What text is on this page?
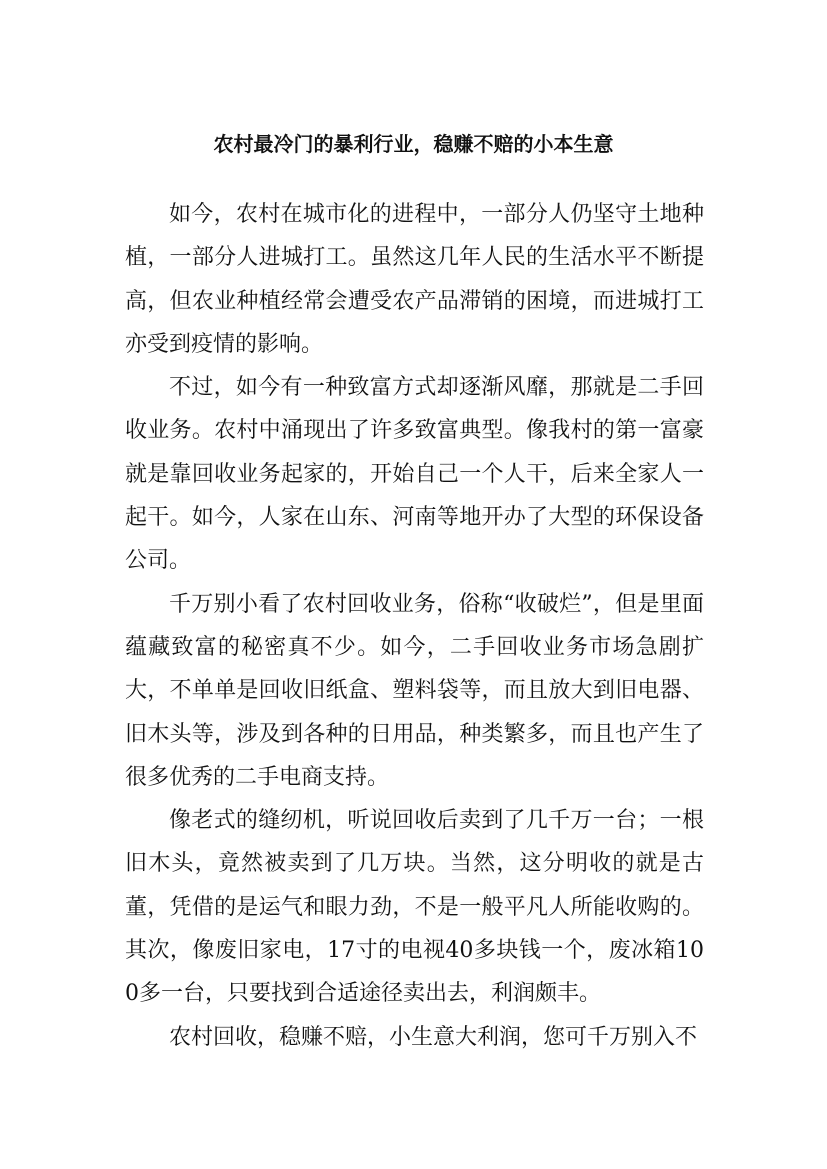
农村最冷门的暴利行业，稳赚不赔的小本生意

如今，农村在城市化的进程中，一部分人仍坚守土地种植，一部分人进城打工。虽然这几年人民的生活水平不断提高，但农业种植经常会遭受农产品滞销的困境，而进城打工亦受到疫情的影响。

不过，如今有一种致富方式却逐渐风靡，那就是二手回收业务。农村中涌现出了许多致富典型。像我村的第一富豪就是靠回收业务起家的，开始自己一个人干，后来全家人一起干。如今，人家在山东、河南等地开办了大型的环保设备公司。

千万别小看了农村回收业务，俗称“收破烂”，但是里面蕴藏致富的秘密真不少。如今，二手回收业务市场急剧扩大，不单单是回收旧纸盒、塑料袋等，而且放大到旧电器、旧木头等，涉及到各种的日用品，种类繁多，而且也产生了很多优秀的二手电商支持。

像老式的缝纫机，听说回收后卖到了几千万一台；一根旧木头，竟然被卖到了几万块。当然，这分明收的就是古董，凭借的是运气和眼力劲，不是一般平凡人所能收购的。其次，像废旧家电，17寸的电视40多块钱一个，废冰箱100多一台，只要找到合适途径卖出去，利润颇丰。

农村回收，稳赚不赔，小生意大利润，您可千万别入不
